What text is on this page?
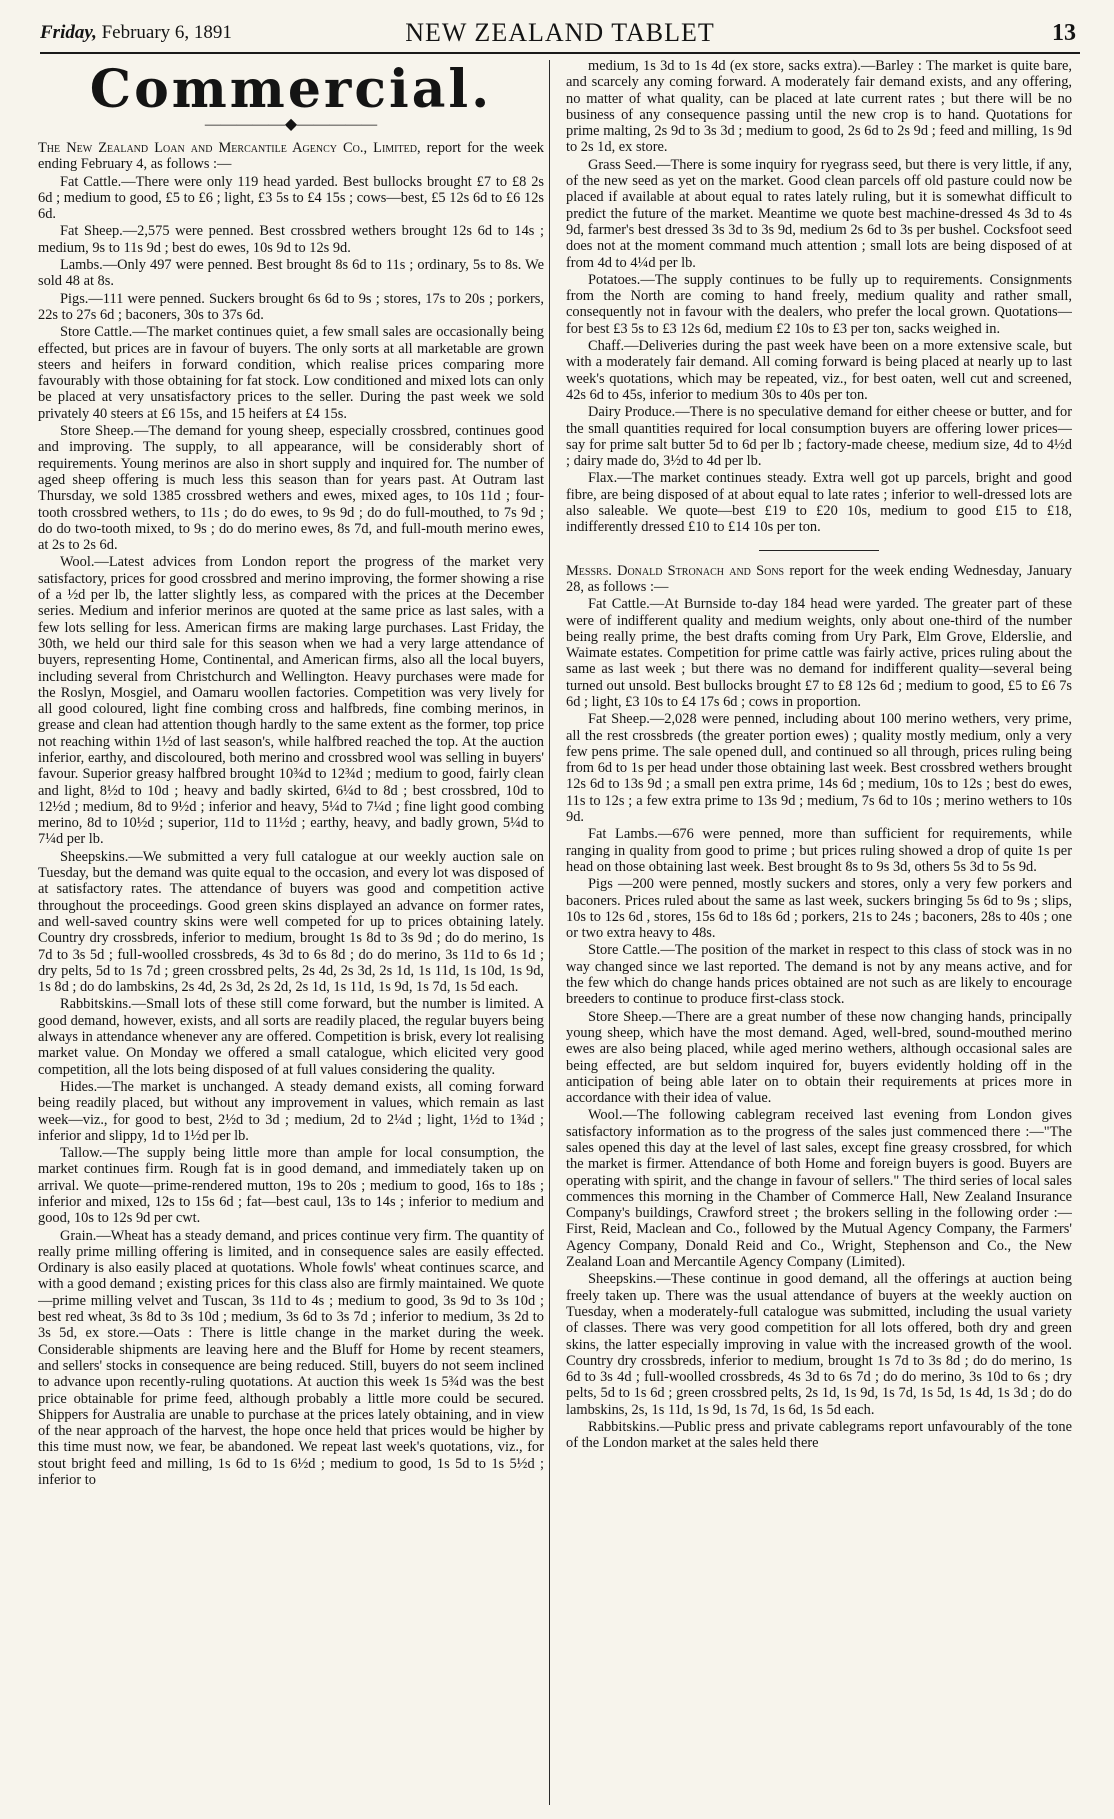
Friday, February 6, 1891	NEW ZEALAND TABLET	13
Commercial.
—————◆—————

The New Zealand Loan and Mercantile Agency Co., Limited, report for the week ending February 4, as follows :—

Fat Cattle.—There were only 119 head yarded. Best bullocks brought £7 to £8 2s 6d ; medium to good, £5 to £6 ; light, £3 5s to £4 15s ; cows—best, £5 12s 6d to £6 12s 6d.

Fat Sheep.—2,575 were penned. Best crossbred wethers brought 12s 6d to 14s ; medium, 9s to 11s 9d ; best do ewes, 10s 9d to 12s 9d.

Lambs.—Only 497 were penned. Best brought 8s 6d to 11s ; ordinary, 5s to 8s. We sold 48 at 8s.

Pigs.—111 were penned. Suckers brought 6s 6d to 9s ; stores, 17s to 20s ; porkers, 22s to 27s 6d ; baconers, 30s to 37s 6d.

Store Cattle.—The market continues quiet, a few small sales are occasionally being effected, but prices are in favour of buyers. The only sorts at all marketable are grown steers and heifers in forward condition, which realise prices comparing more favourably with those obtaining for fat stock. Low conditioned and mixed lots can only be placed at very unsatisfactory prices to the seller. During the past week we sold privately 40 steers at £6 15s, and 15 heifers at £4 15s.

Store Sheep.—The demand for young sheep, especially crossbred, continues good and improving. The supply, to all appearance, will be considerably short of requirements. Young merinos are also in short supply and inquired for. The number of aged sheep offering is much less this season than for years past. At Outram last Thursday, we sold 1385 crossbred wethers and ewes, mixed ages, to 10s 11d ; four-tooth crossbred wethers, to 11s ; do do ewes, to 9s 9d ; do do full-mouthed, to 7s 9d ; do do two-tooth mixed, to 9s ; do do merino ewes, 8s 7d, and full-mouth merino ewes, at 2s to 2s 6d.

Wool.—Latest advices from London report the progress of the market very satisfactory, prices for good crossbred and merino improving, the former showing a rise of a ½d per lb, the latter slightly less, as compared with the prices at the December series. Medium and inferior merinos are quoted at the same price as last sales, with a few lots selling for less. American firms are making large purchases. Last Friday, the 30th, we held our third sale for this season when we had a very large attendance of buyers, representing Home, Continental, and American firms, also all the local buyers, including several from Christchurch and Wellington. Heavy purchases were made for the Roslyn, Mosgiel, and Oamaru woollen factories. Competition was very lively for all good coloured, light fine combing cross and halfbreds, fine combing merinos, in grease and clean had attention though hardly to the same extent as the former, top price not reaching within 1½d of last season's, while halfbred reached the top. At the auction inferior, earthy, and discoloured, both merino and crossbred wool was selling in buyers' favour. Superior greasy halfbred brought 10¾d to 12¾d ; medium to good, fairly clean and light, 8½d to 10d ; heavy and badly skirted, 6¼d to 8d ; best crossbred, 10d to 12½d ; medium, 8d to 9½d ; inferior and heavy, 5¼d to 7¼d ; fine light good combing merino, 8d to 10½d ; superior, 11d to 11½d ; earthy, heavy, and badly grown, 5¼d to 7¼d per lb.

Sheepskins.—We submitted a very full catalogue at our weekly auction sale on Tuesday, but the demand was quite equal to the occasion, and every lot was disposed of at satisfactory rates. The attendance of buyers was good and competition active throughout the proceedings. Good green skins displayed an advance on former rates, and well-saved country skins were well competed for up to prices obtaining lately. Country dry crossbreds, inferior to medium, brought 1s 8d to 3s 9d ; do do merino, 1s 7d to 3s 5d ; full-woolled crossbreds, 4s 3d to 6s 8d ; do do merino, 3s 11d to 6s 1d ; dry pelts, 5d to 1s 7d ; green crossbred pelts, 2s 4d, 2s 3d, 2s 1d, 1s 11d, 1s 10d, 1s 9d, 1s 8d ; do do lambskins, 2s 4d, 2s 3d, 2s 2d, 2s 1d, 1s 11d, 1s 9d, 1s 7d, 1s 5d each.

Rabbitskins.—Small lots of these still come forward, but the number is limited. A good demand, however, exists, and all sorts are readily placed, the regular buyers being always in attendance whenever any are offered. Competition is brisk, every lot realising market value. On Monday we offered a small catalogue, which elicited very good competition, all the lots being disposed of at full values considering the quality.

Hides.—The market is unchanged. A steady demand exists, all coming forward being readily placed, but without any improvement in values, which remain as last week—viz., for good to best, 2½d to 3d ; medium, 2d to 2¼d ; light, 1½d to 1¾d ; inferior and slippy, 1d to 1½d per lb.

Tallow.—The supply being little more than ample for local consumption, the market continues firm. Rough fat is in good demand, and immediately taken up on arrival. We quote—prime-rendered mutton, 19s to 20s ; medium to good, 16s to 18s ; inferior and mixed, 12s to 15s 6d ; fat—best caul, 13s to 14s ; inferior to medium and good, 10s to 12s 9d per cwt.

Grain.—Wheat has a steady demand, and prices continue very firm. The quantity of really prime milling offering is limited, and in consequence sales are easily effected. Ordinary is also easily placed at quotations. Whole fowls' wheat continues scarce, and with a good demand ; existing prices for this class also are firmly maintained. We quote—prime milling velvet and Tuscan, 3s 11d to 4s ; medium to good, 3s 9d to 3s 10d ; best red wheat, 3s 8d to 3s 10d ; medium, 3s 6d to 3s 7d ; inferior to medium, 3s 2d to 3s 5d, ex store.—Oats : There is little change in the market during the week. Considerable shipments are leaving here and the Bluff for Home by recent steamers, and sellers' stocks in consequence are being reduced. Still, buyers do not seem inclined to advance upon recently-ruling quotations. At auction this week 1s 5¾d was the best price obtainable for prime feed, although probably a little more could be secured. Shippers for Australia are unable to purchase at the prices lately obtaining, and in view of the near approach of the harvest, the hope once held that prices would be higher by this time must now, we fear, be abandoned. We repeat last week's quotations, viz., for stout bright feed and milling, 1s 6d to 1s 6½d ; medium to good, 1s 5d to 1s 5½d ; inferior to

medium, 1s 3d to 1s 4d (ex store, sacks extra).—Barley : The market is quite bare, and scarcely any coming forward. A moderately fair demand exists, and any offering, no matter of what quality, can be placed at late current rates ; but there will be no business of any consequence passing until the new crop is to hand. Quotations for prime malting, 2s 9d to 3s 3d ; medium to good, 2s 6d to 2s 9d ; feed and milling, 1s 9d to 2s 1d, ex store.

Grass Seed.—There is some inquiry for ryegrass seed, but there is very little, if any, of the new seed as yet on the market. Good clean parcels off old pasture could now be placed if available at about equal to rates lately ruling, but it is somewhat difficult to predict the future of the market. Meantime we quote best machine-dressed 4s 3d to 4s 9d, farmer's best dressed 3s 3d to 3s 9d, medium 2s 6d to 3s per bushel. Cocksfoot seed does not at the moment command much attention ; small lots are being disposed of at from 4d to 4¼d per lb.

Potatoes.—The supply continues to be fully up to requirements. Consignments from the North are coming to hand freely, medium quality and rather small, consequently not in favour with the dealers, who prefer the local grown. Quotations—for best £3 5s to £3 12s 6d, medium £2 10s to £3 per ton, sacks weighed in.

Chaff.—Deliveries during the past week have been on a more extensive scale, but with a moderately fair demand. All coming forward is being placed at nearly up to last week's quotations, which may be repeated, viz., for best oaten, well cut and screened, 42s 6d to 45s, inferior to medium 30s to 40s per ton.

Dairy Produce.—There is no speculative demand for either cheese or butter, and for the small quantities required for local consumption buyers are offering lower prices—say for prime salt butter 5d to 6d per lb ; factory-made cheese, medium size, 4d to 4½d ; dairy made do, 3½d to 4d per lb.

Flax.—The market continues steady. Extra well got up parcels, bright and good fibre, are being disposed of at about equal to late rates ; inferior to well-dressed lots are also saleable. We quote—best £19 to £20 10s, medium to good £15 to £18, indifferently dressed £10 to £14 10s per ton.

Messrs. Donald Stronach and Sons report for the week ending Wednesday, January 28, as follows :—

Fat Cattle.—At Burnside to-day 184 head were yarded. The greater part of these were of indifferent quality and medium weights, only about one-third of the number being really prime, the best drafts coming from Ury Park, Elm Grove, Elderslie, and Waimate estates. Competition for prime cattle was fairly active, prices ruling about the same as last week ; but there was no demand for indifferent quality—several being turned out unsold. Best bullocks brought £7 to £8 12s 6d ; medium to good, £5 to £6 7s 6d ; light, £3 10s to £4 17s 6d ; cows in proportion.

Fat Sheep.—2,028 were penned, including about 100 merino wethers, very prime, all the rest crossbreds (the greater portion ewes) ; quality mostly medium, only a very few pens prime. The sale opened dull, and continued so all through, prices ruling being from 6d to 1s per head under those obtaining last week. Best crossbred wethers brought 12s 6d to 13s 9d ; a small pen extra prime, 14s 6d ; medium, 10s to 12s ; best do ewes, 11s to 12s ; a few extra prime to 13s 9d ; medium, 7s 6d to 10s ; merino wethers to 10s 9d.

Fat Lambs.—676 were penned, more than sufficient for requirements, while ranging in quality from good to prime ; but prices ruling showed a drop of quite 1s per head on those obtaining last week. Best brought 8s to 9s 3d, others 5s 3d to 5s 9d.

Pigs —200 were penned, mostly suckers and stores, only a very few porkers and baconers. Prices ruled about the same as last week, suckers bringing 5s 6d to 9s ; slips, 10s to 12s 6d , stores, 15s 6d to 18s 6d ; porkers, 21s to 24s ; baconers, 28s to 40s ; one or two extra heavy to 48s.

Store Cattle.—The position of the market in respect to this class of stock was in no way changed since we last reported. The demand is not by any means active, and for the few which do change hands prices obtained are not such as are likely to encourage breeders to continue to produce first-class stock.

Store Sheep.—There are a great number of these now changing hands, principally young sheep, which have the most demand. Aged, well-bred, sound-mouthed merino ewes are also being placed, while aged merino wethers, although occasional sales are being effected, are but seldom inquired for, buyers evidently holding off in the anticipation of being able later on to obtain their requirements at prices more in accordance with their idea of value.

Wool.—The following cablegram received last evening from London gives satisfactory information as to the progress of the sales just commenced there :—"The sales opened this day at the level of last sales, except fine greasy crossbred, for which the market is firmer. Attendance of both Home and foreign buyers is good. Buyers are operating with spirit, and the change in favour of sellers." The third series of local sales commences this morning in the Chamber of Commerce Hall, New Zealand Insurance Company's buildings, Crawford street ; the brokers selling in the following order :—First, Reid, Maclean and Co., followed by the Mutual Agency Company, the Farmers' Agency Company, Donald Reid and Co., Wright, Stephenson and Co., the New Zealand Loan and Mercantile Agency Company (Limited).

Sheepskins.—These continue in good demand, all the offerings at auction being freely taken up. There was the usual attendance of buyers at the weekly auction on Tuesday, when a moderately-full catalogue was submitted, including the usual variety of classes. There was very good competition for all lots offered, both dry and green skins, the latter especially improving in value with the increased growth of the wool. Country dry crossbreds, inferior to medium, brought 1s 7d to 3s 8d ; do do merino, 1s 6d to 3s 4d ; full-woolled crossbreds, 4s 3d to 6s 7d ; do do merino, 3s 10d to 6s ; dry pelts, 5d to 1s 6d ; green crossbred pelts, 2s 1d, 1s 9d, 1s 7d, 1s 5d, 1s 4d, 1s 3d ; do do lambskins, 2s, 1s 11d, 1s 9d, 1s 7d, 1s 6d, 1s 5d each.

Rabbitskins.—Public press and private cablegrams report unfavourably of the tone of the London market at the sales held there
